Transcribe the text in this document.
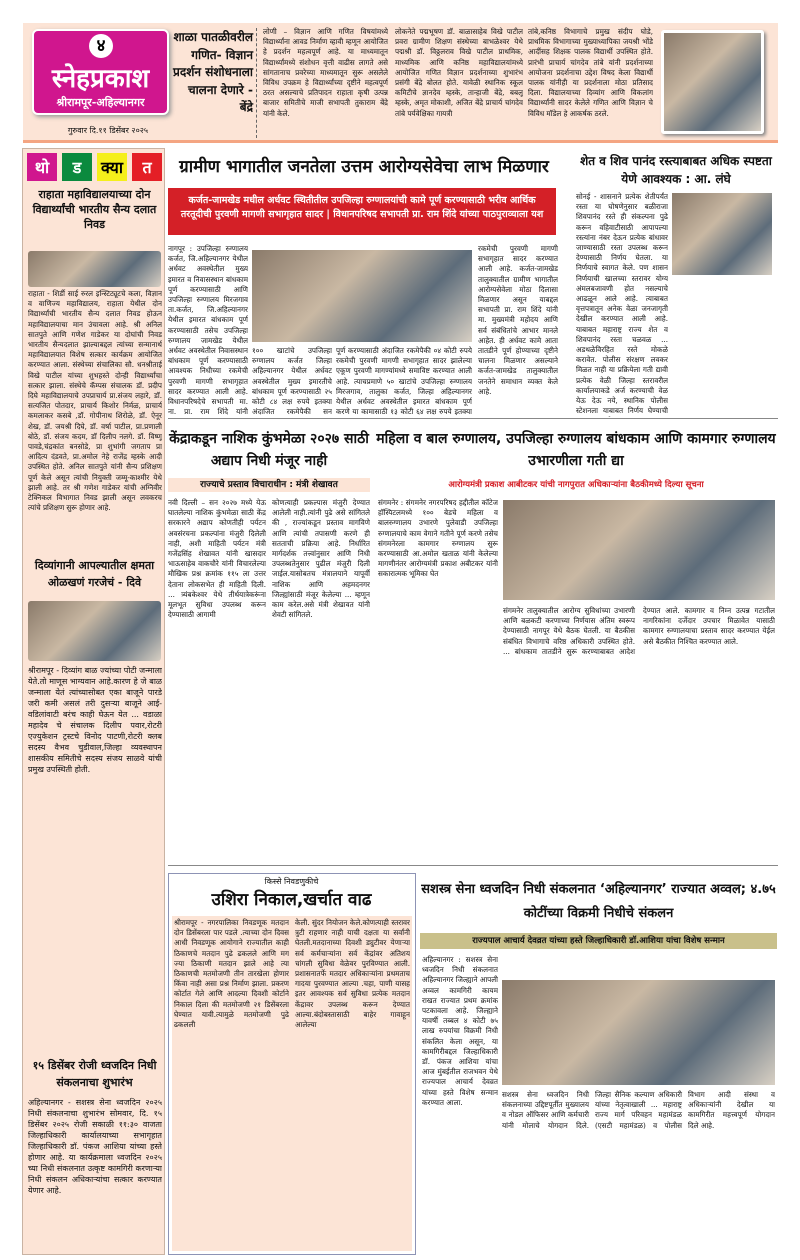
४
स्नेहप्रकाश
श्रीरामपूर-अहिल्यानगर
गुरुवार दि.११ डिसेंबर २०२५
शाळा पातळीवरील गणित- विज्ञान प्रदर्शन संशोधनाला चालना देणारे - बेंद्रे
लोणी – विज्ञान आणि गणित विषयांमध्ये विद्यार्थ्यांना आवड निर्माण व्हावी म्हणून आयोजित हे प्रदर्शन महत्वपूर्ण आहे. या माध्यमातून विद्यार्थ्यांमध्ये संशोधन वृत्ती वाढीस लागते असे सांगतानाच प्रवरेच्या माध्यमातून सुरू असलेले विविध उपक्रम हे विद्यार्थ्यांच्या दृष्टीने महत्वपूर्ण ठरत असल्याचे प्रतिपादन राहाता कृषी उत्पन्न बाजार समितीचे माजी सभापती तुकाराम बेंद्रे यांनी केले.
लोकनेते पद्मभूषण डॉ. बाळासाहेब विखे पाटील प्रवरा ग्रामीण शिक्षण संस्थेच्या बाभळेश्वर येथे पद्मश्री डॉ. विठ्ठलराव विखे पाटील प्राथमिक, माध्यमिक आणि कनिष्ठ महाविद्यालयांमध्ये आयोजित गणित विज्ञान प्रदर्शनाच्या शुभारंभ प्रसंगी बेंद्रे बोलत होते. यावेळी स्थानिक स्कूल कमिटीचे ज्ञानदेव म्हस्के, तान्हाजी बेंद्रे, बबलू म्हस्के, अमृत मोकाशी, अजित बेंद्रे प्राचार्य चांगदेव तांबे पर्यवेक्षिका गायत्री
तांबे,कनिष्ठ विभागाचे प्रमुख संदीप घोडे, प्राथमिक विभागाच्या मुख्याध्यापिका जयश्री भोंडे आदींसह शिक्षक पालक विद्यार्थी उपस्थित होते. प्रारंभी प्राचार्य चांगदेव तांबे यांनी प्रदर्शनाच्या आयोजना प्रदर्शनाचा उद्देश विषद केला विद्यार्थी पालक यांनीही या प्रदर्शनाला मोठा प्रतिसाद दिला. विद्यालयाच्या दिव्यांग आणि विकलांग विद्यार्थ्यांनी सादर केलेले गणित आणि विज्ञान चे विविध मॉडेल हे आकर्षक ठरले.
थो	ड	क्या	त
राहाता महाविद्यालयाच्या दोन विद्यार्थ्यांची भारतीय सैन्य दलात निवड
राहाता - शिर्डी साई रुरल इन्स्टिट्यूटचे कला, विज्ञान व वाणिज्य महाविद्यालय, राहाता येथील दोन विद्यार्थ्यांची भारतीय सैन्य दलात निवड होऊन महाविद्यालयाचा मान उंचावला आहे. श्री अनिल सातपुते आणि गणेश गाडेकर या दोघांची निवड भारतीय सैन्यदलात झाल्याबद्दल त्यांच्या सन्मानार्थ महाविद्यालयात विशेष सत्कार कार्यक्रम आयोजित करण्यात आला. संस्थेच्या संचालिका सौ. धनश्रीताई विखे पाटील यांच्या शुभहस्ते दोन्ही विद्यार्थ्यांचा सत्कार झाला. संस्थेचे कॅम्पस संचालक डॉ. प्रदीप दिघे महाविद्यालयाचे उपप्राचार्य प्रा.संजय लहारे, डॉ. सत्यजित पोतदार, प्राचार्य किशोर निर्मळ, प्राचार्य कमलाकर कसबे ,डॉ. गोपीनाथ शिरोळे, डॉ. ऐनूर शेख, डॉ. जयश्री दिघे, डॉ. वर्षा पाटील, प्रा.प्रणाली बोठे, डॉ. संजय कदम, डॉ दिलीप नलगे. डॉ. विष्णू पावडे,चंद्रकांत बनसोडे, प्रा शुभांगी जगताप प्रा आदित्य दंडवते, प्रा.अमोल नेहे राजेंद्र म्हस्के आदी उपस्थित होते. अनिल सातपुते यांनी सैन्य प्रशिक्षण पूर्ण केले असून त्यांची नियुक्ती जम्मू-काश्मीर येथे झाली आहे. तर श्री गणेश गाडेकर यांची अग्निवीर टेक्निकल विभागात निवड झाली असून लवकरच त्यांचे प्रशिक्षण सुरू होणार आहे.
दिव्यांगानी आपल्यातील क्षमता ओळखणं गरजेचं - दिवे
श्रीरामपूर - दिव्यांग बाळ ज्यांच्या पोटी जन्माला येते.तो माणूस भाग्यवान आहे.कारण हे जे बाळ जन्माला येतं त्यांच्यासोबत एका बाजूने पारडे जरी कमी असलं तरी दुसऱ्या बाजूने आई-वडिलांवाटी बरंच काही घेऊन येत ... वडाळा महादेव चे संचालक दिलीप पवार,रोटरी एज्युकेशन ट्रस्टचे विनोद पाटणी,रोटरी क्लब सदस्य वैभव चुडीवाल,जिल्हा व्यवस्थापन शासकीय समितीचे सदस्य संजय साळवे यांची प्रमुख उपस्थिती होती.
१५ डिसेंबर रोजी ध्वजदिन निधी संकलनाचा शुभारंभ
अहिल्यानगर - सशस्त्र सेना ध्वजदिन २०२५ निधी संकलनाचा शुभारंभ सोमवार, दि. १५ डिसेंबर २०२५ रोजी सकाळी ११:३० वाजता जिल्हाधिकारी कार्यालयाच्या सभागृहात जिल्हाधिकारी डॉ. पंकज आशिया यांच्या हस्ते होणार आहे. या कार्यक्रमाला ध्वजदिन २०२५ च्या निधी संकलनात उत्कृष्ट कामगिरी करणाऱ्या निधी संकलन अधिकाऱ्यांचा सत्कार करण्यात येणार आहे.
ग्रामीण भागातील जनतेला उत्तम आरोग्यसेवेचा लाभ मिळणार
कर्जत-जामखेड मधील अर्धवट स्थितीतील उपजिल्हा रुग्णालयांची कामे पूर्ण करण्यासाठी भरीव आर्थिक तरतूदीची पुरवणी मागणी सभागृहात सादर | विधानपरिषद सभापती प्रा. राम शिंदे यांच्या पाठपुराव्याला यश
नागपूर : उपजिल्हा रुग्णालय कर्जत, जि.अहिल्यानगर येथील अर्धवट अवस्थेतील मुख्य इमारत व निवासस्थान बांधकाम पूर्ण करण्यासाठी आणि उपजिल्हा रुग्णालय मिरजगाव ता.कर्जत, जि.अहिल्यानगर येथील इमारत बांधकाम पूर्ण करण्यासाठी तसेच उपजिल्हा रुग्णालय जामखेड येथील अर्धवट अवस्थेतील निवासस्थान बांधकाम पूर्ण करण्यासाठी आवश्यक निधीच्या रकमेची पुरवणी मागणी सभागृहात सादर करण्यात आली आहे. विधानपरिषदेचे सभापती मा. ना. प्रा. राम शिंदे यांनी
१०० खाटांचे उपजिल्हा रुग्णालय कर्जत जिल्हा अहिल्यानगर येथील अर्धवट अवस्थेतील मुख्य इमारतीचे बांधकाम पूर्ण करण्यासाठी २५ कोटी ८४ लक्ष रुपये इतक्या अंदाजित रकमेपैकी सन
पूर्ण करण्यासाठी अंदाजित रकमेपैकी ०४ कोटी रुपये रकमेची पुरवणी मागणी सभागृहात सादर झालेल्या एकूण पुरवणी मागण्यांमध्ये समाविष्ट करण्यात आली आहे. त्याचप्रमाणे ५० खाटांचे उपजिल्हा रुग्णालय मिरजगाव, तालुका कर्जत, जिल्हा अहिल्यानगर येथील अर्धवट अवस्थेतील इमारत बांधकाम पूर्ण करणे या कामासाठी १३ कोटी ६४ लक्ष रुपये इतक्या
रकमेची पुरवणी मागणी सभागृहात सादर करण्यात आली आहे. कर्जत-जामखेड तालुक्यातील ग्रामीण भागातील आरोग्यसेवेला मोठा दिलासा मिळणार असून याबद्दल सभापती प्रा. राम शिंदे यांनी मा. मुख्यमंत्री महोदय आणि सर्व संबंधितांचे आभार मानले आहेत. ही अर्धवट कामे आता तातडीने पूर्ण होण्याच्या दृष्टीने चालना मिळणार असल्याने कर्जत-जामखेड तालुक्यातील जनतेने समाधान व्यक्त केले आहे.
शेत व शिव पानंद रस्त्याबाबत अधिक स्पष्टता येणे आवश्यक : आ. लंघे
सोनई - शासनाने प्रत्येक शेतीपर्यंत रस्ता या घोषणेनुसार बळीराजा शिवपानंद रस्ते ही संकल्पना पुढे करून वहिवाटीसाठी आपापल्या रस्त्यांना नंबर देऊन प्रत्येक बांधावर जाण्यासाठी रस्ता उपलब्ध करून देण्यासाठी निर्णय घेतला. या निर्णयाचे स्वागत केले. पण शासन निर्णयाची खालच्या स्तरावर योग्य अंमलबजावणी होत नसल्याचे आढळून आले आहे. त्याबाबत वृत्तपत्रातून अनेक वेळा जनजागृती देखील करण्यात आली आहे. याबाबत महाराष्ट्र राज्य शेत व शिवपानंद रस्ता चळवळ ... अडथळेविरहित रस्ते मोकळे करावेत. पोलीस संरक्षण लवकर मिळत नाही या प्रक्रियेला गती द्यावी प्रत्येक वेळी जिल्हा स्तरावरील कार्यालयाकडे अर्ज करण्याची वेळ येऊ देऊ नये, स्थानिक पोलीस स्टेशनला याबाबत निर्णय घेण्याची
केंद्राकडून नाशिक कुंभमेळा २०२७ साठी अद्याप निधी मंजूर नाही
राज्याचे प्रस्ताव विचाराधीन : मंत्री शेखावत
नवी दिल्ली – सन २०२७ मध्ये येऊ घातलेल्या नाशिक कुंभमेळा साठी केंद्र सरकारने अद्याप कोणतीही पर्यटन अवसंरचना प्रकल्पांना मंजुरी दिलेली नाही, अशी माहिती पर्यटन मंत्री गजेंद्रसिंह शेखावत यांनी खासदार भाऊसाहेब वाकचौरे यांनी विचारलेल्या मौखिक प्रश्न क्रमांक ११५ ला उत्तर देताना लोकसभेत ही माहिती दिली. ... त्र्यंबकेश्वर येथे तीर्थयात्रेकरूंना मूलभूत सुविधा उपलब्ध करून देण्यासाठी आगामी
कोणत्याही प्रकल्पास मंजुरी देण्यात आलेली नाही.त्यांनी पुढे असे सांगितले की , राज्यांकडून प्रस्ताव मागविणे आणि त्यांची तपासणी करणे ही सतताची प्रक्रिया आहे. निर्धारित मार्गदर्शक तत्त्वांनुसार आणि निधी उपलब्धतेनुसार पुढील मंजुरी दिली जाईल.यासोबतच मंत्रालयाने यापूर्वी नाशिक आणि अहमदनगर जिल्ह्यांसाठी मंजूर केलेल्या ... म्हणून काम करेल.असे मंत्री शेखावत यांनी शेवटी सांगितले.
महिला व बाल रुग्णालय, उपजिल्हा रुग्णालय बांधकाम आणि कामगार रुग्णालय उभारणीला गती द्या
आरोग्यमंत्री प्रकाश आबीटकर यांची नागपुरात अधिकाऱ्यांना बैठकीमध्ये दिल्या सूचना
संगमनेर : संगमनेर नगरपरिषद हद्दीतील कॉटेज हॉस्पिटलमध्ये १०० बेडचे महिला व बालरुग्णालय उभारणे पुलेवाडी उपजिल्हा रुग्णालयाचे काम वेगाने गतीने पूर्ण करणे तसेच संगमनेरला कामगार रुग्णालय सुरू करण्यासाठी आ.अमोल खताळ यांनी केलेल्या मागणीनंतर आरोग्यमंत्री प्रकाश अबीटकर यांनी सकारात्मक भूमिका घेत
संगमनेर तालुक्यातील आरोग्य सुविधांच्या उभारणी आणि बळकटी करणाच्या निर्णयास अंतिम स्वरूप देण्यासाठी नागपूर येथे बैठक घेतली. या बैठकीस संबंधित विभागाचे वरिष्ठ अधिकारी उपस्थित होते. ... बांधकाम तातडीने सुरू करण्याबाबत आदेश देण्यात आले. कामगार व निम्न उत्पन्न गटातील नागरिकांना दर्जेदार उपचार मिळावेत यासाठी कामगार रुग्णालयाचा प्रस्ताव सादर करण्यात येईल असे बैठकीत निश्चित करण्यात आले.
किस्से निवडणुकीचे
उशिरा निकाल,खर्चात वाढ
श्रीरामपूर - नगरपालिका निवडणूक मतदान दोन डिसेंबरला पार पडले .त्याच्या दोन दिवस आधी निवडणूक आयोगाने राज्यातील काही ठिकाणचे मतदान पुढे ढकलले आणि मग ज्या ठिकाणी मतदान झाले आहे त्या ठिकाणची मतमोजणी तीन तारखेला होणार किंवा नाही असा प्रश्न निर्माण झाला. प्रकरण कोर्टात गेले आणि आदल्या दिवशी कोर्टाने निकाल दिला की मतमोजणी २१ डिसेंबरला घेण्यात यावी.त्यामुळे मतमोजणी पुढे ढकलली
केली. सुंदर नियोजन केले.कोणत्याही स्तरावर त्रुटी राहणार नाही याची दक्षता या सर्वांनी घेतली.मतदानाच्या दिवशी ड्युटीवर येणाऱ्या सर्व कर्मचाऱ्यांना सर्व केंद्रांवर अतिशय चांगली सुविधा वेळेवर पुरविण्यात आली. प्रशासनातर्फे मतदार अधिकाऱ्यांना प्रथमताच गादया पुरवण्यात आल्या .चहा, पाणी यासह इतर आवश्यक सर्व सुविधा प्रत्येक मतदान केंद्रावर उपलब्ध करून देण्यात आल्या.बंदोबस्तासाठी बाहेर गावाहून आलेल्या
सशस्त्र सेना ध्वजदिन निधी संकलनात ‘अहिल्यानगर’ राज्यात अव्वल; ४.७५ कोटींच्या विक्रमी निधीचे संकलन
राज्यपाल आचार्य देवव्रत यांच्या हस्ते जिल्हाधिकारी डॉ.आशिया यांचा विशेष सन्मान
अहिल्यानगर : सशस्त्र सेना ध्वजदिन निधी संकलनात अहिल्यानगर जिल्ह्याने आपली अव्वल कामगिरी कायम राखत राज्यात प्रथम क्रमांक पटकावला आहे. जिल्ह्याने यावर्षी तब्बल ४ कोटी ७५ लाख रुपयांचा विक्रमी निधी संकलित केला असून, या कामगिरीबद्दल जिल्हाधिकारी डॉ. पंकज आशिया यांचा आज मुंबईतील राजभवन येथे राज्यपाल आचार्य देवव्रत यांच्या हस्ते विशेष सन्मान करण्यात आला.
सशस्त्र सेना ध्वजदिन निधी संकलनाच्या उद्दिष्टपूर्तीत मुख्यालय व नोडल ऑफिसर आणि कर्मचारी यांनी मोलाचे योगदान दिले. जिल्हा सैनिक कल्याण अधिकारी यांच्या नेतृत्वाखाली ... महाराष्ट्र राज्य मार्ग परिवहन महामंडळ (एसटी महामंडळ) व पोलीस विभाग आदी संस्था व अधिकाऱ्यांनी देखील या कामगिरीत महत्त्वपूर्ण योगदान दिले आहे.
